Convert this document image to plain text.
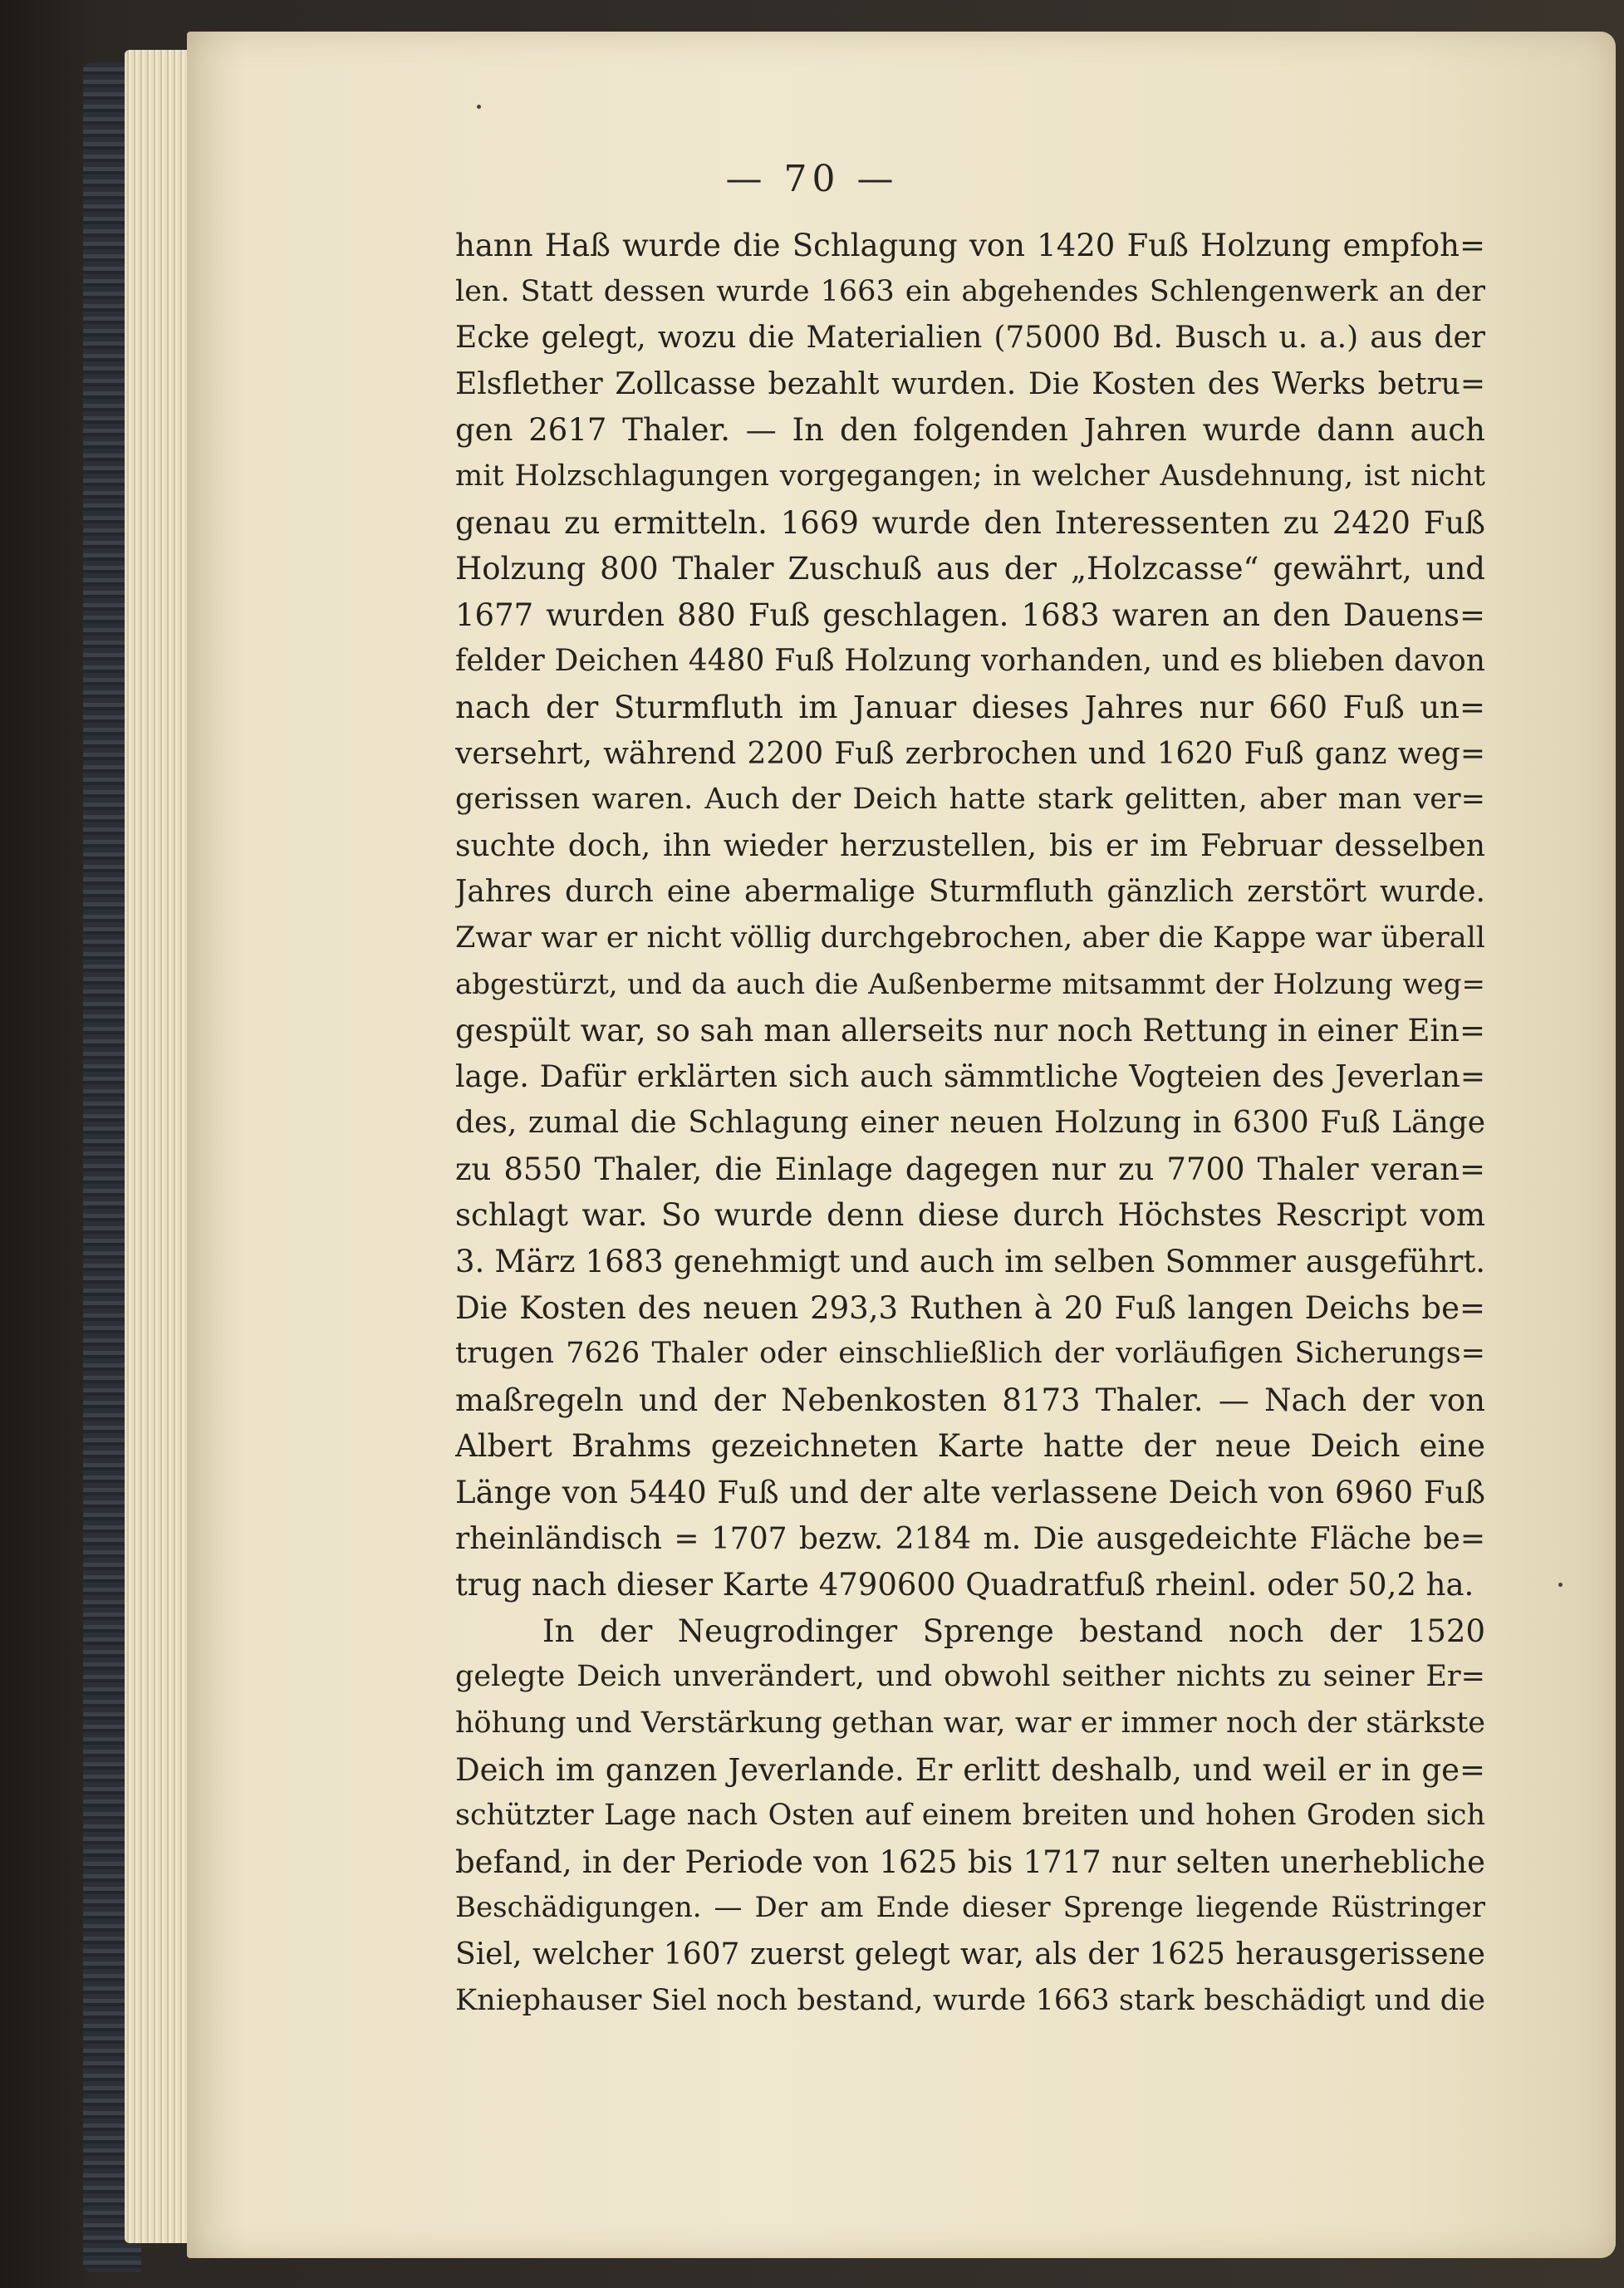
— 70 —
hann Haß wurde die Schlagung von 1420 Fuß Holzung empfoh=
len. Statt dessen wurde 1663 ein abgehendes Schlengenwerk an der
Ecke gelegt, wozu die Materialien (75000 Bd. Busch u. a.) aus der
Elsflether Zollcasse bezahlt wurden. Die Kosten des Werks betru=
gen 2617 Thaler. — In den folgenden Jahren wurde dann auch
mit Holzschlagungen vorgegangen; in welcher Ausdehnung, ist nicht
genau zu ermitteln. 1669 wurde den Interessenten zu 2420 Fuß
Holzung 800 Thaler Zuschuß aus der „Holzcasse“ gewährt, und
1677 wurden 880 Fuß geschlagen. 1683 waren an den Dauens=
felder Deichen 4480 Fuß Holzung vorhanden, und es blieben davon
nach der Sturmfluth im Januar dieses Jahres nur 660 Fuß un=
versehrt, während 2200 Fuß zerbrochen und 1620 Fuß ganz weg=
gerissen waren. Auch der Deich hatte stark gelitten, aber man ver=
suchte doch, ihn wieder herzustellen, bis er im Februar desselben
Jahres durch eine abermalige Sturmfluth gänzlich zerstört wurde.
Zwar war er nicht völlig durchgebrochen, aber die Kappe war überall
abgestürzt, und da auch die Außenberme mitsammt der Holzung weg=
gespült war, so sah man allerseits nur noch Rettung in einer Ein=
lage. Dafür erklärten sich auch sämmtliche Vogteien des Jeverlan=
des, zumal die Schlagung einer neuen Holzung in 6300 Fuß Länge
zu 8550 Thaler, die Einlage dagegen nur zu 7700 Thaler veran=
schlagt war. So wurde denn diese durch Höchstes Rescript vom
3. März 1683 genehmigt und auch im selben Sommer ausgeführt.
Die Kosten des neuen 293,3 Ruthen à 20 Fuß langen Deichs be=
trugen 7626 Thaler oder einschließlich der vorläufigen Sicherungs=
maßregeln und der Nebenkosten 8173 Thaler. — Nach der von
Albert Brahms gezeichneten Karte hatte der neue Deich eine
Länge von 5440 Fuß und der alte verlassene Deich von 6960 Fuß
rheinländisch = 1707 bezw. 2184 m. Die ausgedeichte Fläche be=
trug nach dieser Karte 4790600 Quadratfuß rheinl. oder 50,2 ha.
In der Neugrodinger Sprenge bestand noch der 1520
gelegte Deich unverändert, und obwohl seither nichts zu seiner Er=
höhung und Verstärkung gethan war, war er immer noch der stärkste
Deich im ganzen Jeverlande. Er erlitt deshalb, und weil er in ge=
schützter Lage nach Osten auf einem breiten und hohen Groden sich
befand, in der Periode von 1625 bis 1717 nur selten unerhebliche
Beschädigungen. — Der am Ende dieser Sprenge liegende Rüstringer
Siel, welcher 1607 zuerst gelegt war, als der 1625 herausgerissene
Kniephauser Siel noch bestand, wurde 1663 stark beschädigt und die
